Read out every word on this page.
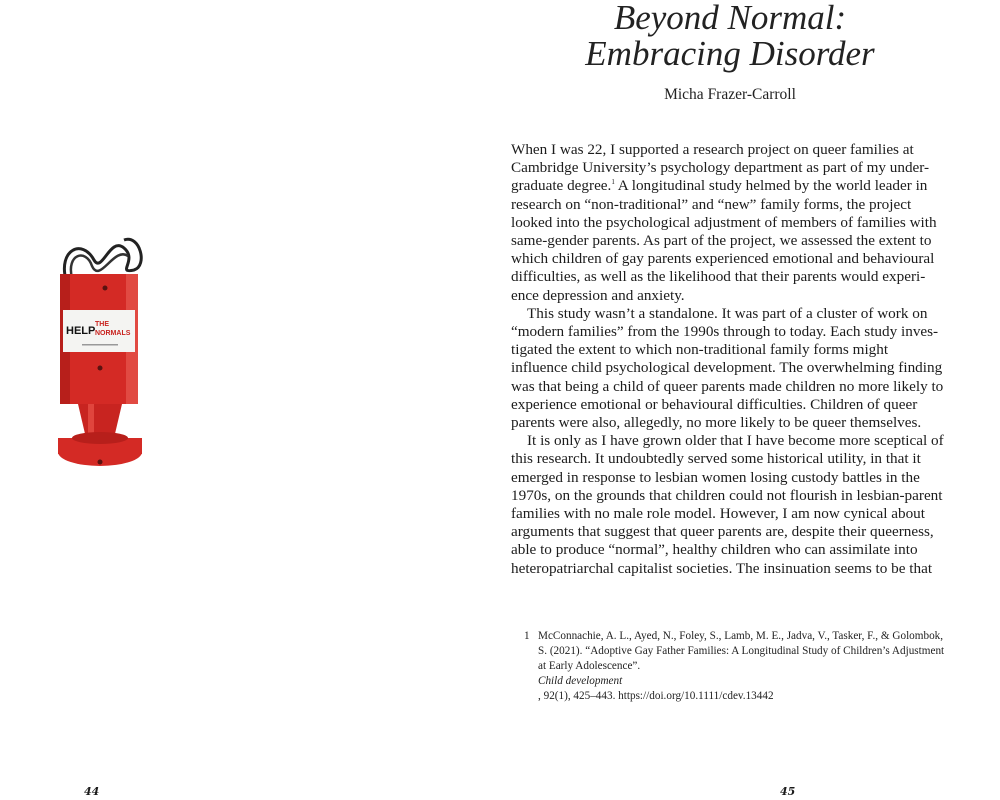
HELP
THE
NORMALS
44
Beyond Normal:
Embracing Disorder
Micha Frazer-Carroll

When I was 22, I supported a research project on queer families at
Cambridge University’s psychology department as part of my under-
graduate degree.$^1$ A longitudinal study helmed by the world leader in
research on “non-traditional” and “new” family forms, the project
looked into the psychological adjustment of members of families with
same-gender parents. As part of the project, we assessed the extent to
which children of gay parents experienced emotional and behavioural
difficulties, as well as the likelihood that their parents would experi-
ence depression and anxiety.

This study wasn’t a standalone. It was part of a cluster of work on
“modern families” from the 1990s through to today. Each study inves-
tigated the extent to which non-traditional family forms might
influence child psychological development. The overwhelming finding
was that being a child of queer parents made children no more likely to
experience emotional or behavioural difficulties. Children of queer
parents were also, allegedly, no more likely to be queer themselves.

It is only as I have grown older that I have become more sceptical of
this research. It undoubtedly served some historical utility, in that it
emerged in response to lesbian women losing custody battles in the
1970s, on the grounds that children could not flourish in lesbian-parent
families with no male role model. However, I am now cynical about
arguments that suggest that queer parents are, despite their queerness,
able to produce “normal”, healthy children who can assimilate into
heteropatriarchal capitalist societies. The insinuation seems to be that

1 McConnachie, A. L., Ayed, N., Foley, S., Lamb, M. E., Jadva, V., Tasker, F., & Golombok,
S. (2021). “Adoptive Gay Father Families: A Longitudinal Study of Children’s Adjustment
at Early Adolescence”.
Child development
, 92(1), 425–443. https://doi.org/10.1111/cdev.13442
45
